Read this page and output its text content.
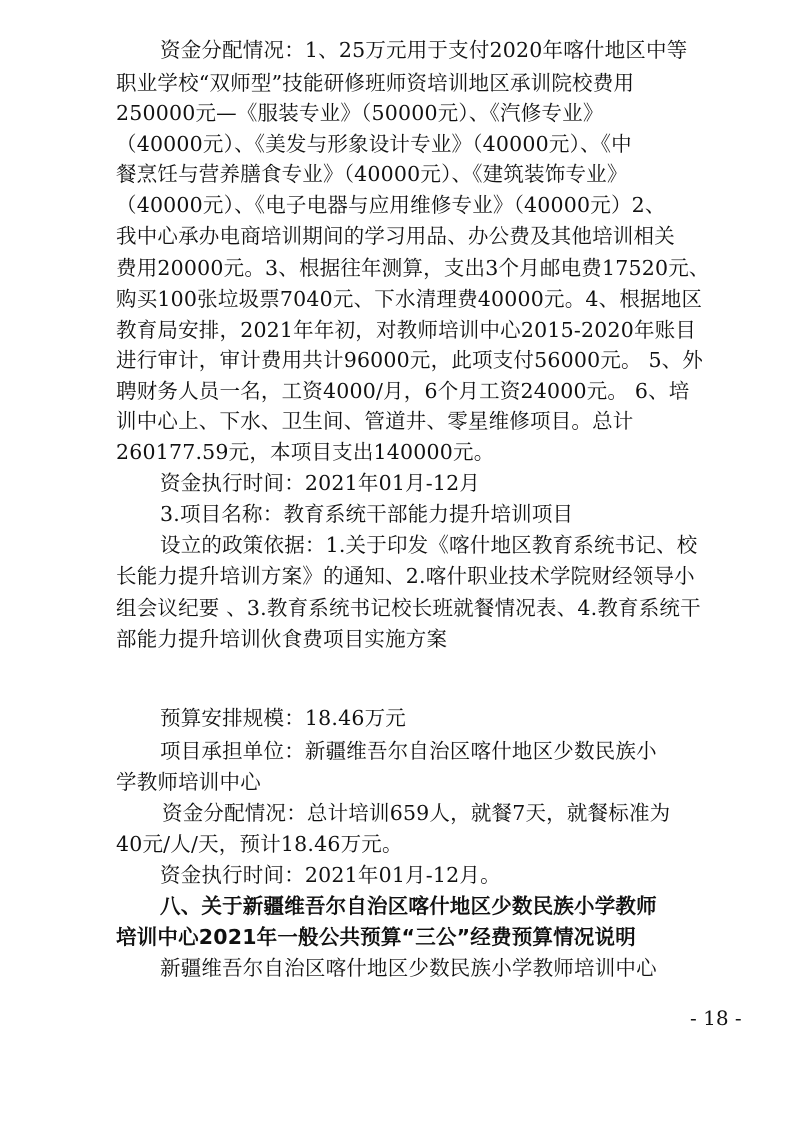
资金分配情况：1、25万元用于支付2020年喀什地区中等
职业学校“双师型”技能研修班师资培训地区承训院校费用
250000元—《服装专业》（50000元）、《汽修专业》
（40000元）、《美发与形象设计专业》（40000元）、《中
餐烹饪与营养膳食专业》（40000元）、《建筑装饰专业》
（40000元）、《电子电器与应用维修专业》（40000元）2、
我中心承办电商培训期间的学习用品、办公费及其他培训相关
费用20000元。3、根据往年测算，支出3个月邮电费17520元、
购买100张垃圾票7040元、下水清理费40000元。4、根据地区
教育局安排，2021年年初，对教师培训中心2015-2020年账目
进行审计，审计费用共计96000元，此项支付56000元。 5、外
聘财务人员一名，工资4000/月，6个月工资24000元。 6、培
训中心上、下水、卫生间、管道井、零星维修项目。总计
260177.59元，本项目支出140000元。
资金执行时间：2021年01月-12月
3.项目名称：教育系统干部能力提升培训项目
设立的政策依据：1.关于印发《喀什地区教育系统书记、校
长能力提升培训方案》的通知、2.喀什职业技术学院财经领导小
组会议纪要 、3.教育系统书记校长班就餐情况表、4.教育系统干
部能力提升培训伙食费项目实施方案
预算安排规模：18.46万元
项目承担单位：新疆维吾尔自治区喀什地区少数民族小
学教师培训中心
资金分配情况：总计培训659人，就餐7天，就餐标准为
40元/人/天，预计18.46万元。
资金执行时间：2021年01月-12月。
八、关于新疆维吾尔自治区喀什地区少数民族小学教师
培训中心2021年一般公共预算“三公”经费预算情况说明
新疆维吾尔自治区喀什地区少数民族小学教师培训中心
- 18 -
